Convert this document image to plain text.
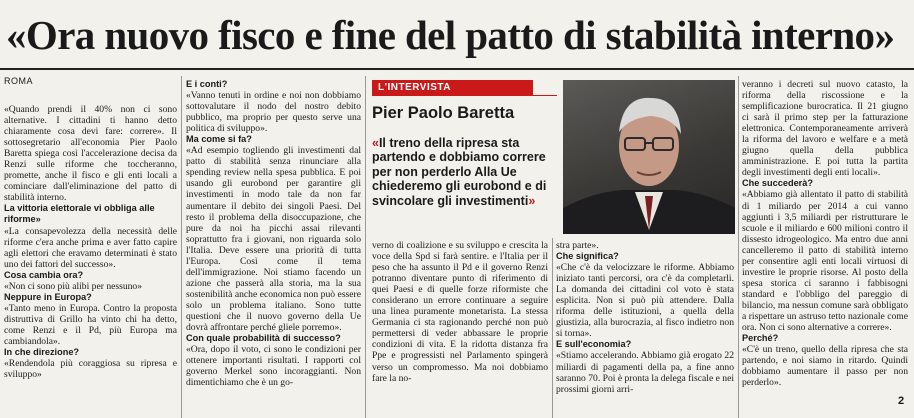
«Ora nuovo fisco e fine del patto di stabilità interno»
ROMA

«Quando prendi il 40% non ci sono alternative. I cittadini ti hanno detto chiaramente cosa devi fare: correre». Il sottosegretario all'economia Pier Paolo Baretta spiega così l'accelerazione decisa da Renzi sulle riforme che toccheranno, promette, anche il fisco e gli enti locali a cominciare dall'eliminazione del patto di stabilità interno.

La vittoria elettorale vi obbliga alle riforme»

«La consapevolezza della necessità delle riforme c'era anche prima e aver fatto capire agli elettori che eravamo determinati è stato uno dei fattori del successo».

Cosa cambia ora?

«Non ci sono più alibi per nessuno»

Neppure in Europa?

«Tanto meno in Europa. Contro la proposta distruttiva di Grillo ha vinto chi ha detto, come Renzi e il Pd, più Europa ma cambiandola».

In che direzione?

«Rendendola più coraggiosa su ripresa e sviluppo»

E i conti?

«Vanno tenuti in ordine e noi non dobbiamo sottovalutare il nodo del nostro debito pubblico, ma proprio per questo serve una politica di sviluppo».

Ma come si fa?

«Ad esempio togliendo gli investimenti dal patto di stabilità senza rinunciare alla spending review nella spesa pubblica. E poi usando gli eurobond per garantire gli investimenti in modo tale da non far aumentare il debito dei singoli Paesi. Del resto il problema della disoccupazione, che pure da noi ha picchi assai rilevanti soprattutto fra i giovani, non riguarda solo l'Italia. Deve essere una priorità di tutta l'Europa. Così come il tema dell'immigrazione. Noi stiamo facendo un azione che passerà alla storia, ma la sua sostenibilità anche economica non può essere solo un problema italiano. Sono tutte questioni che il nuovo governo della Ue dovrà affrontare perché gliele porremo».

Con quale probabilità di successo?

«Ora, dopo il voto, ci sono le condizioni per ottenere importanti risultati. I rapporti col governo Merkel sono incoraggianti. Non dimentichiamo che è un go-

L'INTERVISTA
Pier Paolo Baretta
«Il treno della ripresa sta partendo e dobbiamo correre per non perderlo Alla Ue chiederemo gli eurobond e di svincolare gli investimenti»

verno di coalizione e su sviluppo e crescita la voce della Spd si farà sentire. e l'Italia per il peso che ha assunto il Pd e il governo Renzi potranno diventare punto di riferimento di quei Paesi e di quelle forze riformiste che considerano un errore continuare a seguire una linea puramente monetarista. La stessa Germania ci sta ragionando perché non può permettersi di veder abbassare le proprie condizioni di vita. E la ridotta distanza fra Ppe e progressisti nel Parlamento spingerà verso un compromesso. Ma noi dobbiamo fare la no-

stra parte».

Che significa?

«Che c'è da velocizzare le riforme. Abbiamo iniziato tanti percorsi, ora c'è da completarli. La domanda dei cittadini col voto è stata esplicita. Non si può più attendere. Dalla riforma delle istituzioni, a quella della giustizia, alla burocrazia, al fisco indietro non si torna».

E sull'economia?

«Stiamo accelerando. Abbiamo già erogato 22 miliardi di pagamenti della pa, a fine anno saranno 70. Poi è pronta la delega fiscale e nei prossimi giorni arri-

veranno i decreti sul nuovo catasto, la riforma della riscossione e la semplificazione burocratica. Il 21 giugno ci sarà il primo step per la fatturazione elettronica. Contemporaneamente arriverà la riforma del lavoro e welfare e a metà giugno quella della pubblica amministrazione. E poi tutta la partita degli investimenti degli enti locali».

Che succederà?

«Abbiamo già allentato il patto di stabilità di 1 miliardo per 2014 a cui vanno aggiunti i 3,5 miliardi per ristrutturare le scuole e il miliardo e 600 milioni contro il dissesto idrogeologico. Ma entro due anni cancelleremo il patto di stabilità interno per consentire agli enti locali virtuosi di investire le proprie risorse. Al posto della spesa storica ci saranno i fabbisogni standard e l'obbligo del pareggio di bilancio, ma nessun comune sarà obbligato a rispettare un astruso tetto nazionale come ora. Non ci sono alternative a correre».

Perché?

«C'è un treno, quello della ripresa che sta partendo, e noi siamo in ritardo. Quindi dobbiamo aumentare il passo per non perderlo».

2
